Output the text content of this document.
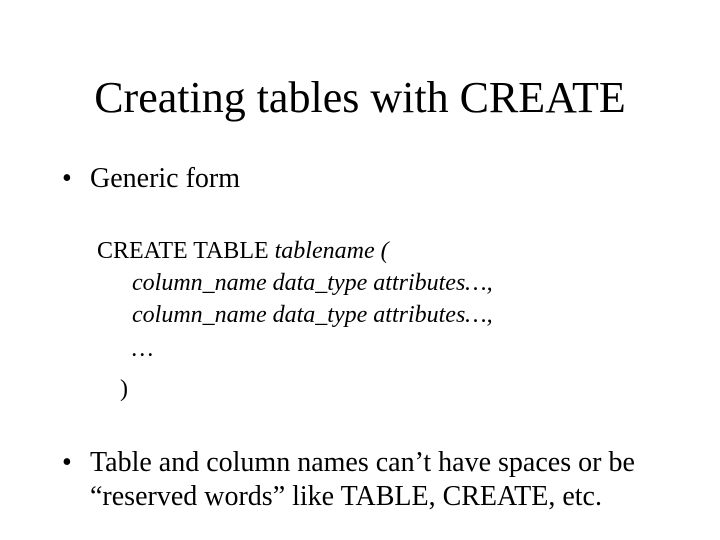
Creating tables with CREATE
• Generic form
CREATE TABLE tablename (
column_name data_type attributes…,
column_name data_type attributes…,
…
)
• Table and column names can’t have spaces or be “reserved words” like TABLE, CREATE, etc.
